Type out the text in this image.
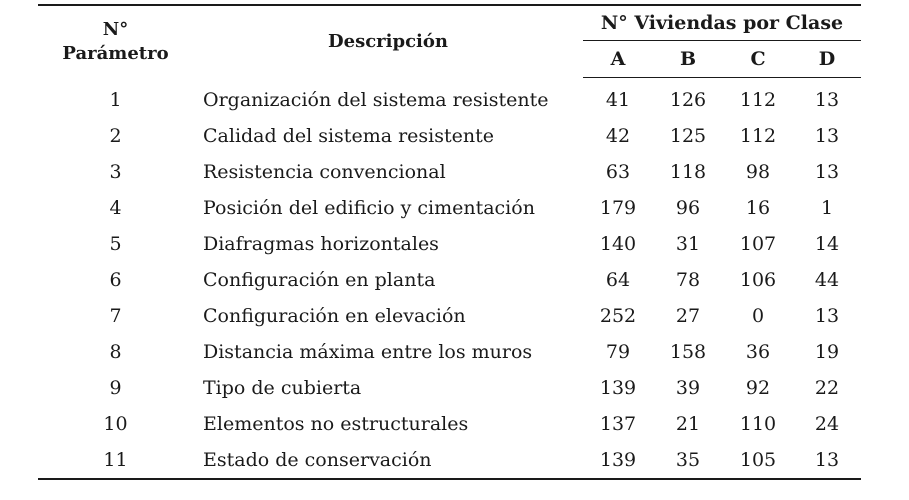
N°
Parámetro	Descripción	N° Viviendas por Clase			
		A	B	C	D
1	Organización del sistema resistente	41	126	112	13
2	Calidad del sistema resistente	42	125	112	13
3	Resistencia convencional	63	118	98	13
4	Posición del edificio y cimentación	179	96	16	1
5	Diafragmas horizontales	140	31	107	14
6	Configuración en planta	64	78	106	44
7	Configuración en elevación	252	27	0	13
8	Distancia máxima entre los muros	79	158	36	19
9	Tipo de cubierta	139	39	92	22
10	Elementos no estructurales	137	21	110	24
11	Estado de conservación	139	35	105	13
